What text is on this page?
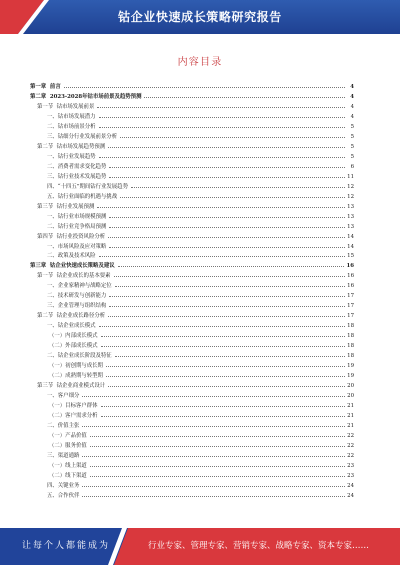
钴企业快速成长策略研究报告
内容目录
第一章  前言	4
第二章  2023-2028年钴市场前景及趋势预测	4
第一节  钴市场发展前景	4
一、钴市场发展潜力	4
二、钴市场前景分析	5
三、钴细分行业发展前景分析	5
第二节  钴市场发展趋势预测	5
一、钴行业发展趋势	5
二、消费者需求变化趋势	6
三、钴行业技术发展趋势	11
四、“十四五”期间钴行业发展趋势	12
五、钴行业面临的机遇与挑战	12
第三节  钴行业发展预测	13
一、钴行业市场规模预测	13
二、钴行业竞争格局预测	13
第四节  钴行业投资风险分析	14
一、市场风险及应对策略	14
二、政策及技术风险	15
第三章  钴企业快速成长策略及建议	16
第一节  钴企业成长的基本要素	16
一、企业家精神与战略定位	16
二、技术研发与创新能力	17
三、企业管理与组织结构	17
第二节  钴企业成长路径分析	17
一、钴企业成长模式	18
（一）内部成长模式	18
（二）外部成长模式	18
二、钴企业成长阶段及特征	18
（一）初创期与成长期	19
（二）成熟期与转型期	19
第三节  钴企业商业模式设计	20
一、客户细分	20
（一）目标客户群体	21
（二）客户需求分析	21
二、价值主张	21
（一）产品价值	22
（二）服务价值	22
三、渠道通路	22
（一）线上渠道	23
（二）线下渠道	23
四、关键业务	24
五、合作伙伴	24
让每个人都能成为	行业专家、管理专家、营销专家、战略专家、资本专家……
